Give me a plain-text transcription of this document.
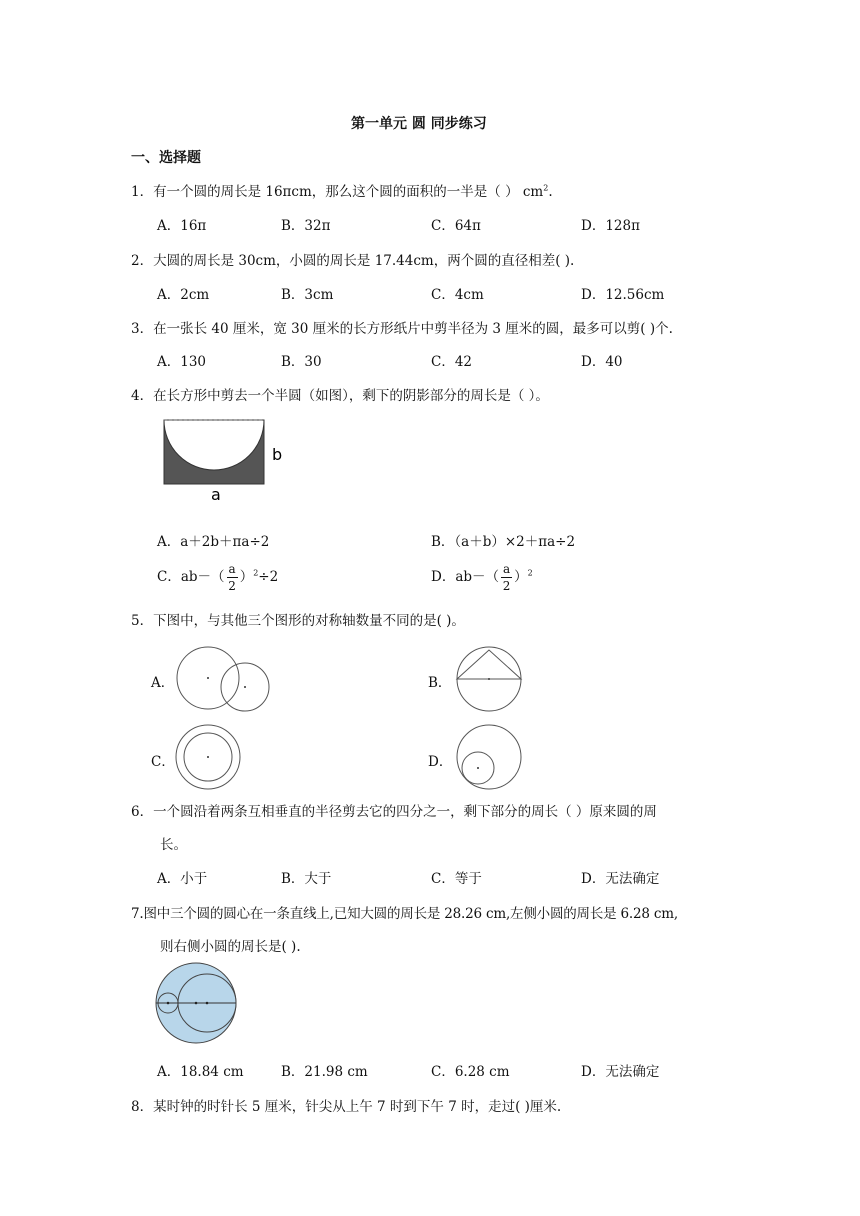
第一单元 圆 同步练习
一、选择题
1．有一个圆的周长是 16πcm，那么这个圆的面积的一半是（ ） $cm^2$.
A．16π	B．32π	C．64π	D．128π
2．大圆的周长是 30cm，小圆的周长是 17.44cm，两个圆的直径相差( ).
A．2cm	B．3cm	C．4cm	D．12.56cm
3．在一张长 40 厘米，宽 30 厘米的长方形纸片中剪半径为 3 厘米的圆，最多可以剪( )个.
A．130	B．30	C．42	D．40
4．在长方形中剪去一个半圆（如图），剩下的阴影部分的周长是（ ）。
b
a
A．a＋2b＋πa÷2	B．（a＋b）×2＋πa÷2
C．$ab-( \frac{a}{2} )^2\div 2$	D．$ab-( \frac{a}{2} )^2$
5．下图中，与其他三个图形的对称轴数量不同的是( )。
A．	B．
C．	D．
6．一个圆沿着两条互相垂直的半径剪去它的四分之一，剩下部分的周长（ ）原来圆的周
长。
A．小于	B．大于	C．等于	D．无法确定
7.图中三个圆的圆心在一条直线上,已知大圆的周长是 28.26 cm,左侧小圆的周长是 6.28 cm,
则右侧小圆的周长是( ).
A．18.84 cm	B．21.98 cm	C．6.28 cm	D．无法确定
8．某时钟的时针长 5 厘米，针尖从上午 7 时到下午 7 时，走过( )厘米.
